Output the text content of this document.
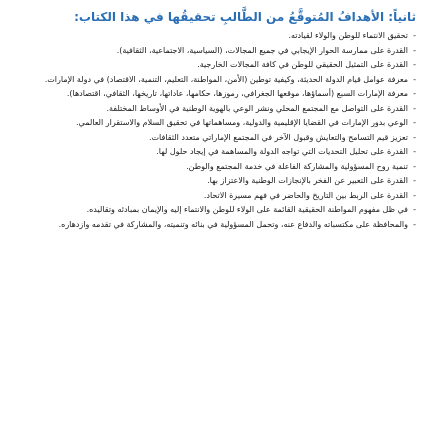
ثانياً: الأهدافُ المُتوقَّعُ من الطَّالبِ تحقيقُها في هذا الكتاب:
-
تحقيق الانتماء للوطن والولاء لقيادته.
-
القدرة على ممارسة الحوار الإيجابي في جميع المجالات، (السياسية، الاجتماعية، الثقافية).
-
القدرة على التمثيل الحقيقي للوطن في كافة المجالات الخارجية.
-
معرفة عوامل قيام الدولة الحديثة، وكيفية توطين (الأمن، المواطنة، التعليم، التنمية، الاقتصاد) في دولة الإمارات.
-
معرفة الإمارات السبع (أسماؤها، موقعها الجغرافي، رموزها، حكامها، عاداتها، تاريخها، الثقافي، اقتصادها).
-
القدرة على التواصل مع المجتمع المحلي ونشر الوعي بالهوية الوطنية في الأوساط المختلفة.
-
الوعي بدور الإمارات في القضايا الإقليمية والدولية، ومساهماتها في تحقيق السلام والاستقرار العالمي.
-
تعزيز قيم التسامح والتعايش وقبول الآخر في المجتمع الإماراتي متعدد الثقافات.
-
القدرة على تحليل التحديات التي تواجه الدولة والمساهمة في إيجاد حلول لها.
-
تنمية روح المسؤولية والمشاركة الفاعلة في خدمة المجتمع والوطن.
-
القدرة على التعبير عن الفخر بالإنجازات الوطنية والاعتزاز بها.
-
القدرة على الربط بين التاريخ والحاضر في فهم مسيرة الاتحاد.
-
في ظل مفهوم المواطنة الحقيقية القائمة على الولاء للوطن والانتماء إليه والإيمان بمبادئه وتقاليده.
-
والمحافظة على مكتسباته والدفاع عنه، وتحمل المسؤولية في بنائه وتنميته، والمشاركة في تقدمه وازدهاره.
